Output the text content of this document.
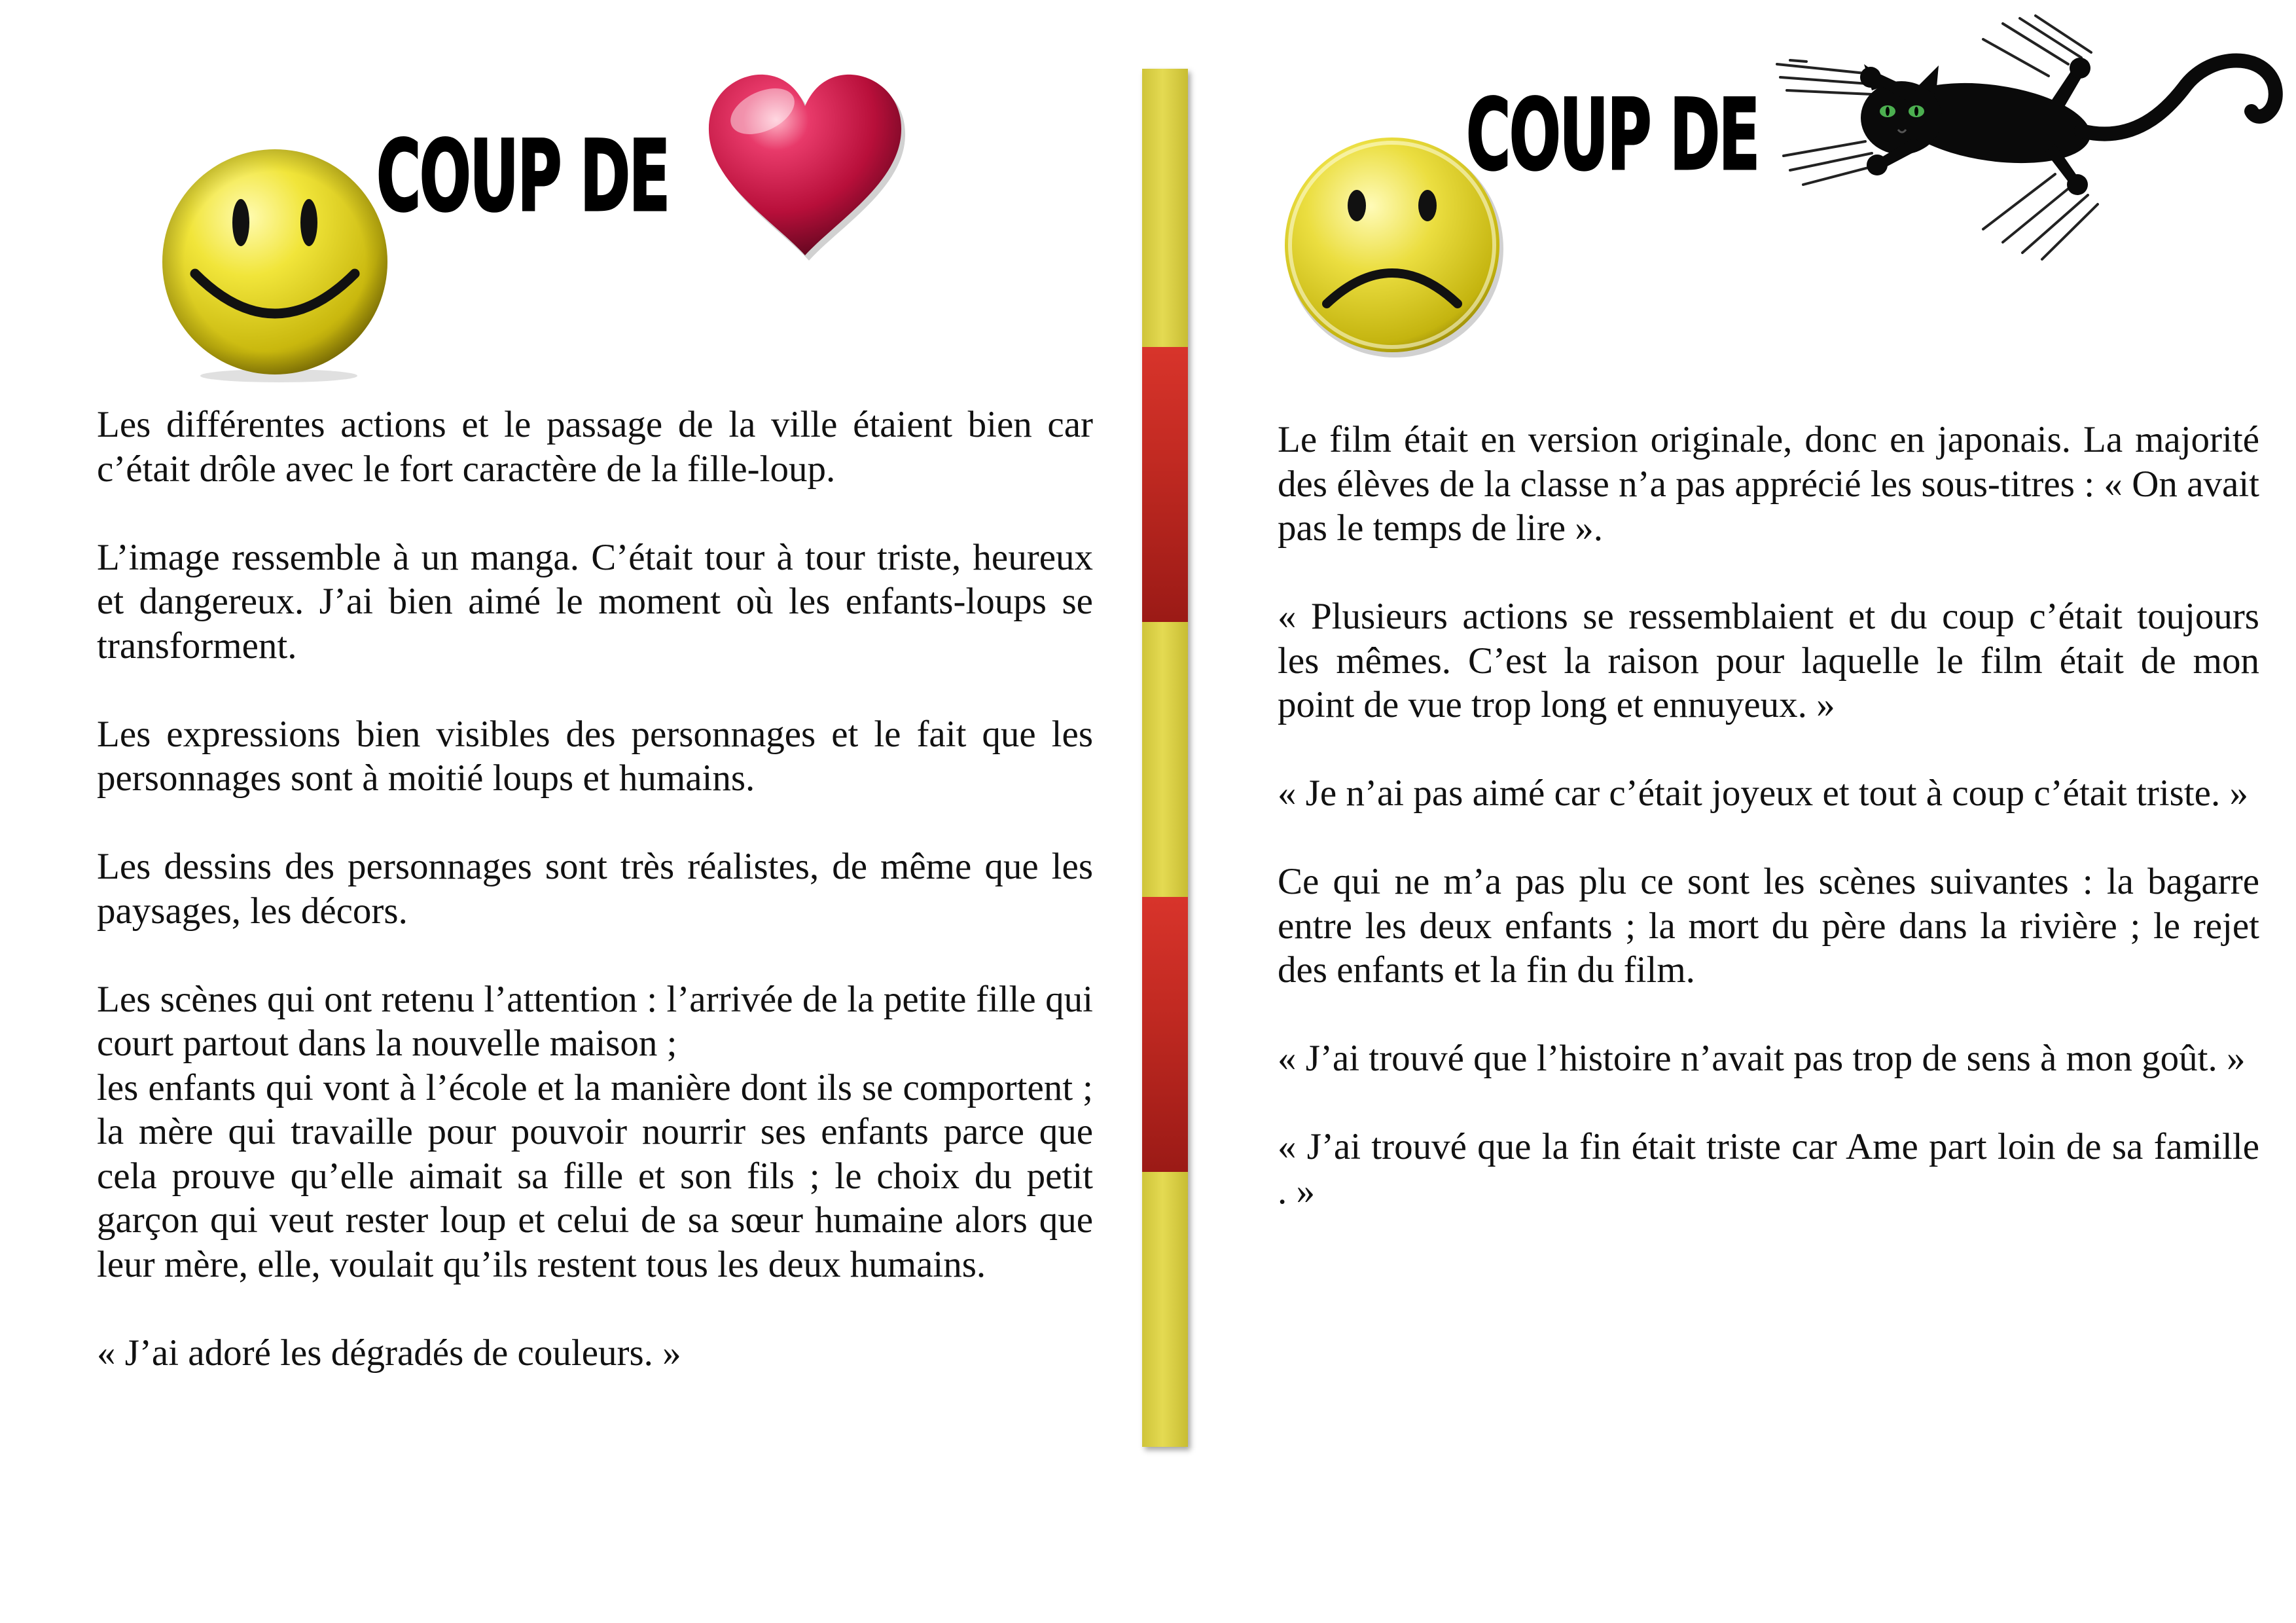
COUP DE

Les différentes actions et le passage de la ville étaient bien car c’était drôle avec le fort caractère de la fille-loup.

L’image ressemble à un manga. C’était tour à tour triste, heureux et dangereux. J’ai bien aimé le moment où les enfants-loups se transforment.

Les expressions bien visibles des personnages et le fait que les personnages sont à moitié loups et humains.

Les dessins des personnages sont très réalistes, de même que les paysages, les décors.

Les scènes qui ont retenu l’attention : l’arrivée de la petite fille qui court partout dans la nouvelle maison ;

les enfants qui vont à l’école et la manière dont ils se comportent ; la mère qui travaille pour pouvoir nourrir ses enfants parce que cela prouve qu’elle aimait sa fille et son fils ; le choix du petit garçon qui veut rester loup et celui de sa sœur humaine alors que leur mère, elle, voulait qu’ils restent tous les deux humains.

« J’ai adoré les dégradés de couleurs. »

COUP DE

Le film était en version originale, donc en japonais. La majorité des élèves de la classe n’a pas apprécié les sous-titres : « On avait pas le temps de lire ».

« Plusieurs actions se ressemblaient et du coup c’était toujours les mêmes. C’est la raison pour laquelle le film était de mon point de vue trop long et ennuyeux. »

« Je n’ai pas aimé car c’était joyeux et tout à coup c’était triste. »

Ce qui ne m’a pas plu ce sont les scènes suivantes : la bagarre entre les deux enfants ; la mort du père dans la rivière ; le rejet des enfants et la fin du film.

« J’ai trouvé que l’histoire n’avait pas trop de sens à mon goût. »

« J’ai trouvé que la fin était triste car Ame part loin de sa famille . »
